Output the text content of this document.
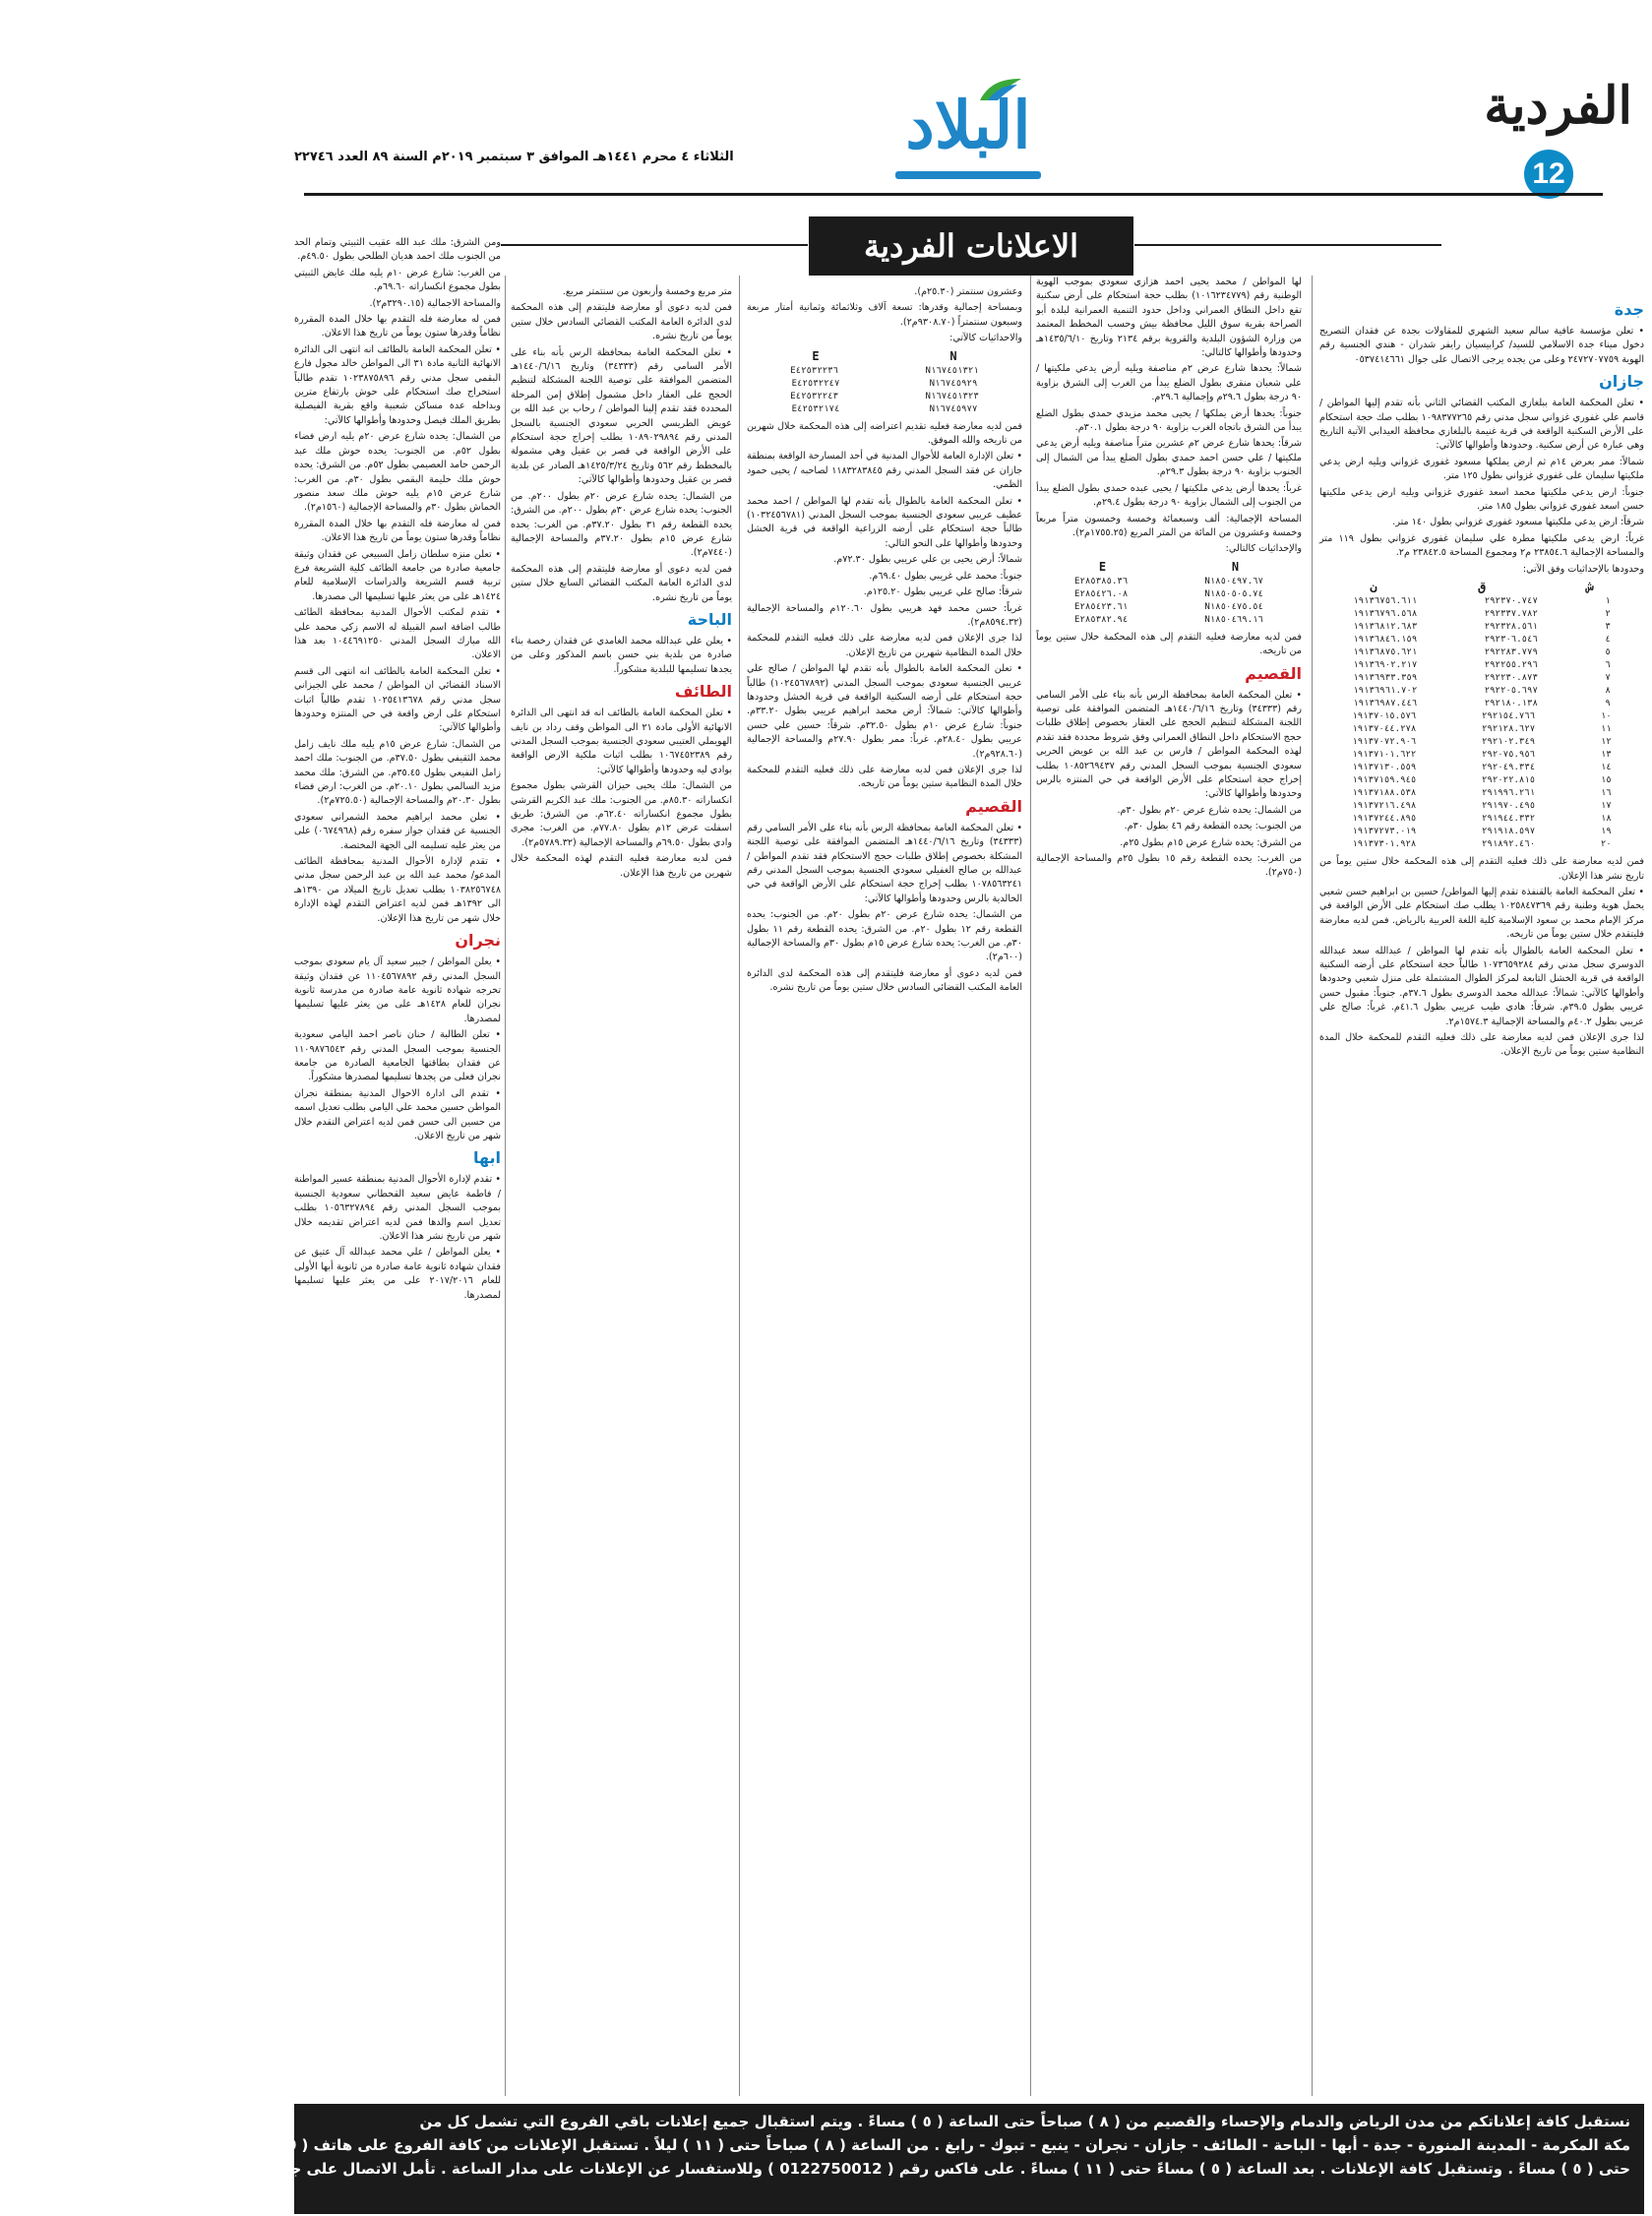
الفردية
12
البلاد
الثلاثاء ٤ محرم ١٤٤١هـ الموافق ٣ سبتمبر ٢٠١٩م السنة ٨٩ العدد ٢٢٧٤٦
الاعلانات الفردية
جدة

• تعلن مؤسسة عافية سالم سعيد الشهري للمقاولات بجدة عن فقدان التصريح دخول ميناء جدة الاسلامي للسيد/ كرابيسيان رايفر شدران - هندي الجنسية رقم الهوية ٢٤٧٢٧٠٧٧٥٩ وعلى من يجده يرجى الاتصال على جوال ٠٥٣٧٤١٤٦٦١

جازان

• تعلن المحكمة العامة ببلغازي المكتب القضائي الثاني بأنه تقدم إليها المواطن / قاسم علي غفوري غزواني سجل مدني رقم ١٠٩٨٣٧٧٢٦٥ بطلب صك حجة استحكام على الأرض السكنية الواقعة في قرية غنيمة بالبلغازي محافظة العيدابي الآتية التاريخ وهي عبارة عن أرض سكنية. وحدودها وأطوالها كالآتي:

شمالاً: ممر بعرض ١٤م ثم ارض يملكها مسعود غفوري غزواني ويليه ارض يدعي ملكيتها سليمان على غفوري غزواني بطول ١٢٥ متر.

جنوباً: ارض يدعي ملكيتها محمد اسعد غفوري غزواني ويليه ارض يدعي ملكيتها حسن اسعد غفوري غزواني بطول ١٨٥ متر.

شرقاً: ارض يدعي ملكيتها مسعود غفوري غزواني بطول ١٤٠ متر.

غرباً: ارض يدعي ملكيتها مطرة علي سليمان غفوري غزواني بطول ١١٩ متر والمساحة الإجمالية ٢٣٨٥٤.٦ م٢ ومجموع المساحة ٢٣٨٤٢.٥ م٢.

وحدودها بالإحداثيات وفق الآتي:

ن	ق	ش
١٩١٣٦٧٥٦.٦١١	٢٩٢٣٧٠.٧٤٧	١
١٩١٣٦٧٩٦.٥٦٨	٢٩٢٣٣٧.٧٨٢	٢
١٩١٣٦٨١٢.٦٨٣	٢٩٢٣٢٨.٥٦١	٣
١٩١٣٦٨٤٦.١٥٩	٢٩٢٣٠٦.٥٤٦	٤
١٩١٣٦٨٧٥.٦٢١	٢٩٢٢٨٣.٧٧٩	٥
١٩١٣٦٩٠٢.٢١٧	٢٩٢٢٥٥.٢٩٦	٦
١٩١٣٦٩٣٣.٣٥٩	٢٩٢٢٣٠.٨٧٣	٧
١٩١٣٦٩٦١.٧٠٢	٢٩٢٢٠٥.٦٩٧	٨
١٩١٣٦٩٨٧.٤٤٦	٢٩٢١٨٠.١٣٨	٩
١٩١٣٧٠١٥.٥٧٦	٢٩٢١٥٤.٧٦٦	١٠
١٩١٣٧٠٤٤.٢٧٨	٢٩٢١٢٨.٦٢٧	١١
١٩١٣٧٠٧٢.٩٠٦	٢٩٢١٠٢.٣٤٩	١٢
١٩١٣٧١٠١.٦٢٢	٢٩٢٠٧٥.٩٥٦	١٣
١٩١٣٧١٣٠.٥٥٩	٢٩٢٠٤٩.٣٣٤	١٤
١٩١٣٧١٥٩.٩٤٥	٢٩٢٠٢٢.٨١٥	١٥
١٩١٣٧١٨٨.٥٣٨	٢٩١٩٩٦.٢٦١	١٦
١٩١٣٧٢١٦.٤٩٨	٢٩١٩٧٠.٤٩٥	١٧
١٩١٣٧٢٤٤.٨٩٥	٢٩١٩٤٤.٣٣٢	١٨
١٩١٣٧٢٧٣.٠١٩	٢٩١٩١٨.٥٩٧	١٩
١٩١٣٧٣٠١.٩٢٨	٢٩١٨٩٢.٤٦٠	٢٠

فمن لديه معارضة على ذلك فعليه التقدم إلى هذه المحكمة خلال ستين يوماً من تاريخ نشر هذا الإعلان.

• تعلن المحكمة العامة بالقنفذة تقدم إليها المواطن/ حسين بن ابراهيم حسن شعبي يحمل هوية وطنية رقم ١٠٢٥٨٤٧٣٦٩ يطلب صك استحكام على الأرض الواقعة في مركز الإمام محمد بن سعود الإسلامية كلية اللغة العربية بالرياض. فمن لديه معارضة فليتقدم خلال ستين يوماً من تاريخه.

• تعلن المحكمة العامة بالطوال بأنه تقدم لها المواطن / عبدالله سعد عبدالله الدوسري سجل مدني رقم ١٠٧٣٦٥٩٢٨٤ طالباً حجة استحكام على أرضه السكنية الواقعة في قرية الخشل التابعة لمركز الطوال المشتملة على منزل شعبي وحدودها وأطوالها كالآتي: شمالاً: عبدالله محمد الدوسري بطول ٣٧.٦م. جنوباً: مقبول حسن عريبي بطول ٣٩.٥م. شرقاً: هادي طيب عريبي بطول ٤١.٦م. غرباً: صالح علي عريبي بطول ٤٠.٢م والمساحة الإجمالية ١٥٧٤.٣م٢.

لذا جرى الإعلان فمن لديه معارضة على ذلك فعليه التقدم للمحكمة خلال المدة النظامية ستين يوماً من تاريخ الإعلان.

لها المواطن / محمد يحيى احمد هزازي سعودي بموجب الهوية الوطنية رقم (١٠١٦٢٣٤٧٧٩) بطلب حجة استحكام على أرض سكنية تقع داخل النطاق العمراني وداخل حدود التنمية العمرانية لبلدة أبو الصراحة بقرية سوق الليل محافظة بيش وحسب المخطط المعتمد من وزارة الشؤون البلدية والقروية برقم ٢١٣٤ وتاريخ ١٤٣٥/٦/١٠هـ وحدودها وأطوالها كالتالي:

شمالاً: يحدها شارع عرض ٢م مناصفة ويليه أرض يدعي ملكيتها / علي شعبان منقري بطول الضلع يبدأ من الغرب إلى الشرق بزاوية ٩٠ درجة بطول ٢٩.٦م وإجمالية ٢٩.٦م.

جنوباً: يحدها أرض يملكها / يحيى محمد مزيدي حمدي بطول الضلع يبدأ من الشرق باتجاه الغرب بزاوية ٩٠ درجة بطول ٣٠.١م.

شرقاً: يحدها شارع عرض ٢م عشرين متراً مناصفة ويليه أرض يدعي ملكيتها / علي حسن احمد حمدي بطول الضلع يبدأ من الشمال إلى الجنوب بزاوية ٩٠ درجة بطول ٢٩.٣م.

غرباً: يحدها أرض يدعي ملكيتها / يحيى عبده حمدي بطول الضلع يبدأ من الجنوب إلى الشمال بزاوية ٩٠ درجة بطول ٢٩.٤م.

المساحة الإجمالية: ألف وسبعمائة وخمسة وخمسون متراً مربعاً وخمسة وعشرون من المائة من المتر المربع (١٧٥٥.٢٥م٢).

والإحداثيات كالتالي:

E	N
E٢٨٥٣٨٥.٣٦	N١٨٥٠٤٩٧.٦٧
E٢٨٥٤٢٦.٠٨	N١٨٥٠٥٠٥.٧٤
E٢٨٥٤٢٣.٦١	N١٨٥٠٤٧٥.٥٤
E٢٨٥٣٨٢.٩٤	N١٨٥٠٤٦٩.١٦

فمن لديه معارضة فعليه التقدم إلى هذه المحكمة خلال ستين يوماً من تاريخه.

القصيم

• تعلن المحكمة العامة بمحافظة الرس بأنه بناء على الأمر السامي رقم (٣٤٣٣٣) وتاريخ ١٤٤٠/٦/١٦هـ المتضمن الموافقة على توصية اللجنة المشكلة لتنظيم الحجج على العقار بخصوص إطلاق طلبات حجج الاستحكام داخل النطاق العمراني وفق شروط محددة فقد تقدم لهذه المحكمة المواطن / فارس بن عبد الله بن عويض الحربي سعودي الجنسية بموجب السجل المدني رقم ١٠٨٥٢٦٩٤٣٧ بطلب إخراج حجة استحكام على الأرض الواقعة في حي المنتزه بالرس وحدودها وأطوالها كالآتي:

من الشمال: يحده شارع عرض ٢٠م بطول ٣٠م.

من الجنوب: يحده القطعة رقم ٤٦ بطول ٣٠م.

من الشرق: يحده شارع عرض ١٥م بطول ٢٥م.

من الغرب: يحده القطعة رقم ١٥ بطول ٢٥م والمساحة الإجمالية (٧٥٠م٢).

وعشرون سنتمتر (٢٥.٣٠م).

وبمساحة إجمالية وقدرها: تسعة آلاف وثلاثمائة وثمانية أمتار مربعة وسبعون سنتمتراً (٩٣٠٨.٧٠م٢).

والاحداثيات كالآتي:

E	N
E٤٢٥٣٢٢٣٦	N١٦٧٤٥١٣٢١
E٤٢٥٣٢٢٤٧	N١٦٧٤٥٩٢٩
E٤٢٥٣٢٢٤٣	N١٦٧٤٥١٣٢٣
E٤٢٥٣٢١٧٤	N١٦٧٤٥٩٧٧

فمن لديه معارضة فعليه تقديم اعتراضه إلى هذه المحكمة خلال شهرين من تاريخه والله الموفق.

• تعلن الإدارة العامة للأحوال المدنية في أحد المسارحة الواقعة بمنطقة جازان عن فقد السجل المدني رقم ١١٨٣٢٨٣٨٤٥ لصاحبه / يحيى حمود الظمي.

• تعلن المحكمة العامة بالطوال بأنه تقدم لها المواطن / احمد محمد عطيف عريبي سعودي الجنسية بموجب السجل المدني (١٠٣٢٤٥٦٧٨١) طالباً حجة استحكام على أرضه الزراعية الواقعة في قرية الخشل وحدودها وأطوالها على النحو التالي:

شمالاً: أرض يحيى بن علي عريبي بطول ٧٢.٣٠م.

جنوباً: محمد علي غريبي بطول ٦٩.٤٠م.

شرقاً: صالح علي عريبي بطول ١٢٥.٢٠م.

غرباً: حسن محمد فهد هريبي بطول ١٢٠.٦٠م والمساحة الإجمالية (٨٥٩٤.٣٢م٢).

لذا جرى الإعلان فمن لديه معارضة على ذلك فعليه التقدم للمحكمة خلال المدة النظامية شهرين من تاريخ الإعلان.

• تعلن المحكمة العامة بالطوال بأنه تقدم لها المواطن / صالح علي عريبي الجنسية سعودي بموجب السجل المدني (١٠٢٤٥٦٧٨٩٢) طالباً حجة استحكام على أرضه السكنية الواقعة في قرية الخشل وحدودها وأطوالها كالآتي: شمالاً: أرض محمد ابراهيم عريبي بطول ٣٣.٢٠م. جنوباً: شارع عرض ١٠م بطول ٣٢.٥٠م. شرقاً: حسين علي حسن عريبي بطول ٢٨.٤٠م. غرباً: ممر بطول ٢٧.٩٠م والمساحة الإجمالية (٩٢٨.٦٠م٢).

لذا جرى الإعلان فمن لديه معارضة على ذلك فعليه التقدم للمحكمة خلال المدة النظامية ستين يوماً من تاريخه.

القصيم

• تعلن المحكمة العامة بمحافظة الرس بأنه بناء على الأمر السامي رقم (٣٤٣٣٣) وتاريخ ١٤٤٠/٦/١٦هـ المتضمن الموافقة على توصية اللجنة المشكلة بخصوص إطلاق طلبات حجج الاستحكام فقد تقدم المواطن / عبدالله بن صالح الغفيلي سعودي الجنسية بموجب السجل المدني رقم ١٠٧٨٥٦٣٢٤١ بطلب إخراج حجة استحكام على الأرض الواقعة في حي الخالدية بالرس وحدودها وأطوالها كالآتي:

من الشمال: يحده شارع عرض ٢٠م بطول ٢٠م. من الجنوب: يحده القطعة رقم ١٢ بطول ٢٠م. من الشرق: يحده القطعة رقم ١١ بطول ٣٠م. من الغرب: يحده شارع عرض ١٥م بطول ٣٠م والمساحة الإجمالية (٦٠٠م٢).

فمن لديه دعوى أو معارضة فليتقدم إلى هذه المحكمة لدى الدائرة العامة المكتب القضائي السادس خلال ستين يوماً من تاريخ نشره.

متر مربع وخمسة وأربعون من سنتمتر مربع.

فمن لديه دعوى أو معارضة فليتقدم إلى هذه المحكمة لدى الدائرة العامة المكتب القضائي السادس خلال ستين يوماً من تاريخ نشره.

• تعلن المحكمة العامة بمحافظة الرس بأنه بناء على الأمر السامي رقم (٣٤٣٣٣) وتاريخ ١٤٤٠/٦/١٦هـ المتضمن الموافقة على توصية اللجنة المشكلة لتنظيم الحجج على العقار داخل مشمول إطلاق إمن المرحلة المحددة فقد تقدم إلينا المواطن / رحاب بن عبد الله بن عويض الطريسي الحربي سعودي الجنسية بالسجل المدني رقم ١٠٨٩٠٢٩٨٩٤ بطلب إخراج حجة استحكام على الأرض الواقعة في قصر بن عقيل وهي مشمولة بالمخطط رقم ٥٦٢ وتاريخ ١٤٢٥/٣/٢٤هـ الصادر عن بلدية قصر بن عقيل وحدودها وأطوالها كالآتي:

من الشمال: يحده شارع عرض ٢٠م بطول ٢٠٠م. من الجنوب: يحده شارع عرض ٣٠م بطول ٢٠٠م. من الشرق: يحده القطعة رقم ٣١ بطول ٣٧.٢٠م. من الغرب: يحده شارع عرض ١٥م بطول ٣٧.٢٠م والمساحة الإجمالية (٧٤٤٠م٢).

فمن لديه دعوى أو معارضة فليتقدم إلى هذه المحكمة لدى الدائرة العامة المكتب القضائي السابع خلال ستين يوماً من تاريخ نشره.

الباحة

• يعلن علي عبدالله محمد الغامدي عن فقدان رخصة بناء صادرة من بلدية بني حسن باسم المذكور وعلى من يجدها تسليمها للبلدية مشكوراً.

الطائف

• تعلن المحكمة العامة بالطائف انه قد انتهى الى الدائرة الانهائية الأولى مادة ٢١ الى المواطن وقف رداد بن نايف الهويملي العتيبي سعودي الجنسية بموجب السجل المدني رقم ١٠٦٧٤٥٢٣٨٩ بطلب اثبات ملكية الارض الواقعة بوادي ليه وحدودها وأطوالها كالآتي:

من الشمال: ملك يحيى حيزان القرشي بطول مجموع انكساراته ٨٥.٣٠م. من الجنوب: ملك عبد الكريم القرشي بطول مجموع انكساراته ٦٢.٤٠م. من الشرق: طريق اسفلت عرض ١٢م بطول ٧٧.٨٠م. من الغرب: مجرى وادي بطول ٦٩.٥٠م والمساحة الإجمالية (٥٧٨٩.٣٢م٢).

فمن لديه معارضة فعليه التقدم لهذه المحكمة خلال شهرين من تاريخ هذا الإعلان.

ومن الشرق: ملك عبد الله عقيب الثبيتي وتمام الحد من الجنوب ملك احمد هديان الطلحي بطول ٤٩.٥٠م.

من الغرب: شارع عرض ١٠م يليه ملك عايض الثبيتي بطول مجموع انكساراته ٦٩.٦٠م.

والمساحة الاجمالية (٣٢٩٠.١٥م٢).

فمن له معارضة فله التقدم بها خلال المدة المقررة نظاماً وقدرها ستون يوماً من تاريخ هذا الاعلان.

• تعلن المحكمة العامة بالطائف انه انتهى الى الدائرة الانهائية الثانية مادة ٣١ الى المواطن خالد مجول فارع البقمي سجل مدني رقم ١٠٢٣٨٧٥٨٩٦ تقدم طالباً استخراج صك استحكام على حوش بارتفاع مترين وبداخله عدة مساكن شعبية واقع بقرية الفيصلية بطريق الملك فيصل وحدودها وأطوالها كالآتي:

من الشمال: يحده شارع عرض ٢٠م يليه ارض فضاء بطول ٥٢م. من الجنوب: يحده حوش ملك عبد الرحمن حامد العصيمي بطول ٥٢م. من الشرق: يحده حوش ملك حليمة البقمي بطول ٣٠م. من الغرب: شارع عرض ١٥م يليه حوش ملك سعد منصور الخماش بطول ٣٠م والمساحة الإجمالية (١٥٦٠م٢).

فمن له معارضة فله التقدم بها خلال المدة المقررة نظاماً وقدرها ستون يوماً من تاريخ هذا الاعلان.

• تعلن منزه سلطان زامل السبيعي عن فقدان وثيقة جامعية صادرة من جامعة الطائف كلية الشريعة فرع تربية قسم الشريعة والدراسات الإسلامية للعام ١٤٢٤هـ على من يعثر عليها تسليمها الى مصدرها.

• تقدم لمكتب الأحوال المدنية بمحافظة الطائف طالب اضافة اسم القبيلة له الاسم زكي محمد علي الله مبارك السجل المدني ١٠٤٤٦٩١٢٥٠ بعد هذا الاعلان.

• تعلن المحكمة العامة بالطائف انه انتهى الى قسم الاسناد القضائي ان المواطن / محمد علي الجيزاني سجل مدني رقم ١٠٢٥٤١٣٦٧٨ تقدم طالباً اثبات استحكام على ارض واقعة في حي المنتزه وحدودها وأطوالها كالآتي:

من الشمال: شارع عرض ١٥م يليه ملك نايف زامل محمد الثقيفي بطول ٣٧.٥٠م. من الجنوب: ملك احمد زامل النفيعي بطول ٣٥.٤٥م. من الشرق: ملك محمد مزيد السالمي بطول ٢٠.١٠م. من الغرب: ارض فضاء بطول ٢٠.٣٠م والمساحة الإجمالية (٧٢٥.٥٠م٢).

• تعلن محمد ابراهيم محمد الشمراني سعودي الجنسية عن فقدان جواز سفره رقم (٠٦٧٤٩٦٨) على من يعثر عليه تسليمه الى الجهة المختصة.

• تقدم لإدارة الأحوال المدنية بمحافظة الطائف المدعو/ محمد عبد الله بن عبد الرحمن سجل مدني ١٠٣٨٢٥٦٧٤٨ بطلب تعديل تاريخ الميلاد من ١٣٩٠هـ الى ١٣٩٢هـ فمن لديه اعتراض التقدم لهذه الإدارة خلال شهر من تاريخ هذا الإعلان.

نجران

• يعلن المواطن / جبير سعيد آل يام سعودي بموجب السجل المدني رقم ١١٠٤٥٦٧٨٩٢ عن فقدان وثيقة تخرجه شهادة ثانوية عامة صادرة من مدرسة ثانوية نجران للعام ١٤٢٨هـ على من يعثر عليها تسليمها لمصدرها.

• تعلن الطالبة / حنان ناصر احمد اليامي سعودية الجنسية بموجب السجل المدني رقم ١١٠٩٨٧٦٥٤٣ عن فقدان بطاقتها الجامعية الصادرة من جامعة نجران فعلى من يجدها تسليمها لمصدرها مشكوراً.

• تقدم الى ادارة الاحوال المدنية بمنطقة نجران المواطن حسين محمد علي اليامي بطلب تعديل اسمه من حسين الى حسن فمن لديه اعتراض التقدم خلال شهر من تاريخ الاعلان.

ابها

• تقدم لإدارة الأحوال المدنية بمنطقة عسير المواطنة / فاطمة عايض سعيد القحطاني سعودية الجنسية بموجب السجل المدني رقم ١٠٥٦٣٢٧٨٩٤ بطلب تعديل اسم والدها فمن لديه اعتراض تقديمه خلال شهر من تاريخ نشر هذا الاعلان.

• يعلن المواطن / علي محمد عبدالله آل عتيق عن فقدان شهادة ثانوية عامة صادرة من ثانوية أبها الأولى للعام ٢٠١٧/٢٠١٦ على من يعثر عليها تسليمها لمصدرها.

نستقبل كافة إعلاناتكم من مدن الرياض والدمام والإحساء والقصيم من ( ٨ ) صباحاً حتى الساعة ( ٥ ) مساءً . ويتم استقبال جميع إعلانات باقي الفروع التي تشمل كل من
مكة المكرمة - المدينة المنورة - جدة - أبها - الباحة - الطائف - جازان - نجران - ينبع - تبوك - رابغ . من الساعة ( ٨ ) صباحاً حتى ( ١١ ) ليلاً . تستقبل الإعلانات من كافة الفروع على هاتف ( 0126711000 ) فاكس ( 0126716241 )
حتى ( ٥ ) مساءً . وتستقبل كافة الإعلانات . بعد الساعة ( ٥ ) مساءً حتى ( ١١ ) مساءً . على فاكس رقم ( 0122750012 ) وللاستفسار عن الإعلانات على مدار الساعة . تأمل الاتصال على جوال ( 0567878781 )
